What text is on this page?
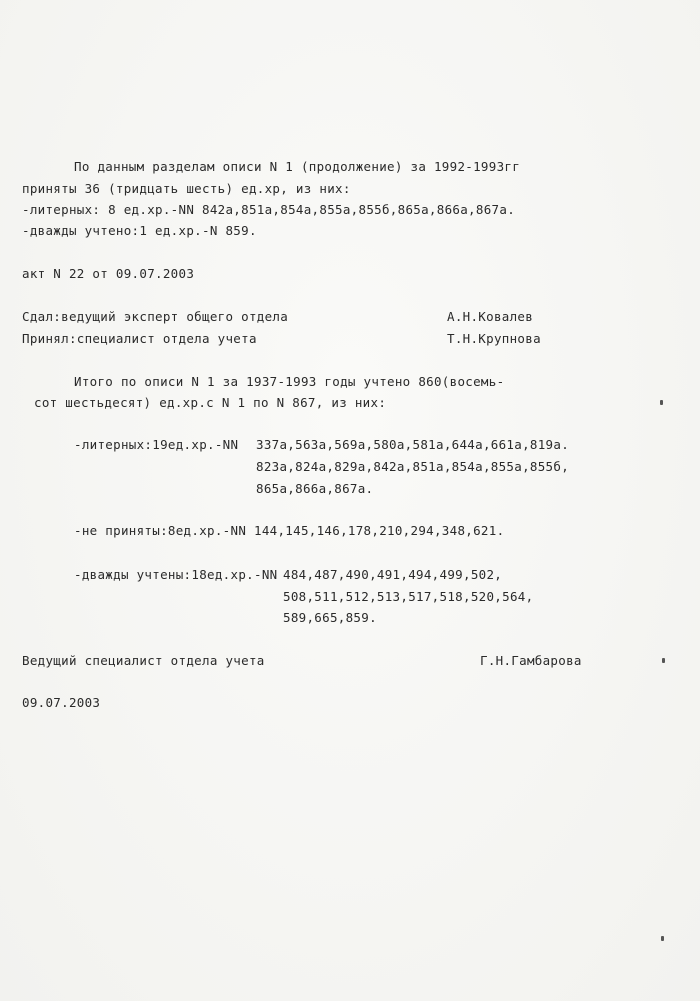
По данным разделам описи N 1 (продолжение) за 1992-1993гг
приняты 36 (тридцать шесть) ед.хр, из них:
-литерных: 8 ед.хр.-NN 842а,851а,854а,855а,855б,865а,866а,867а.
-дважды учтено:1 ед.хр.-N 859.
акт N 22 от 09.07.2003
Сдал:ведущий эксперт общего отдела	А.Н.Ковалев
Принял:специалист отдела учета	Т.Н.Крупнова
Итого по описи N 1 за 1937-1993 годы учтено 860(восемь-
сот шестьдесят) ед.хр.с N 1 по N 867, из них:
-литерных:19ед.хр.-NN 337а,563а,569а,580а,581а,644а,661а,819а.
823а,824а,829а,842а,851а,854а,855а,855б,
865а,866а,867а.
-не приняты:8ед.хр.-NN 144,145,146,178,210,294,348,621.
-дважды учтены:18ед.хр.-NN 484,487,490,491,494,499,502,
508,511,512,513,517,518,520,564,
589,665,859.
Ведущий специалист отдела учета	Г.Н.Гамбарова
09.07.2003
